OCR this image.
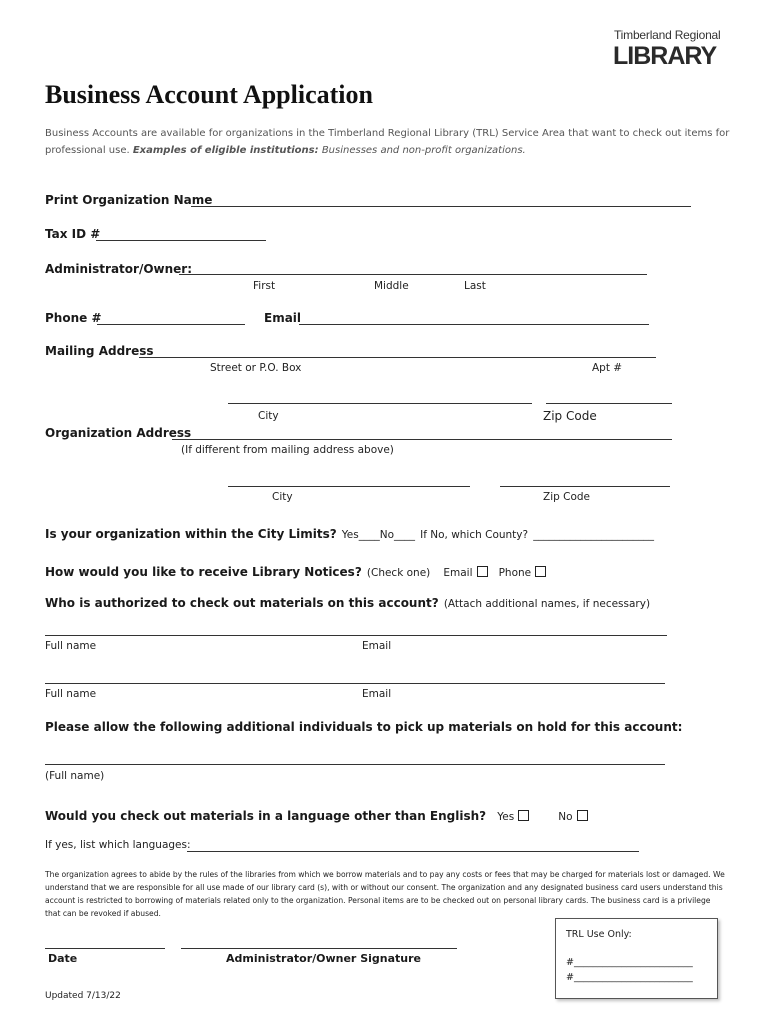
Timberland Regional
LIBRARY
Business Account Application
Business Accounts are available for organizations in the Timberland Regional Library (TRL) Service Area that want to check out items for professional use. Examples of eligible institutions: Businesses and non-profit organizations.
Print Organization Name
Tax ID #
Administrator/Owner:
First	Middle	Last
Phone #	Email
Mailing Address
Street or P.O. Box	Apt #
City	Zip Code
Organization Address
(If different from mailing address above)
City	Zip Code
Is your organization within the City Limits? Yes____No____ If No, which County? _______________________
How would you like to receive Library Notices? (Check one) Email Phone
Who is authorized to check out materials on this account? (Attach additional names, if necessary)
Full name	Email
Full name	Email
Please allow the following additional individuals to pick up materials on hold for this account:
(Full name)
Would you check out materials in a language other than English? Yes	No
If yes, list which languages:
The organization agrees to abide by the rules of the libraries from which we borrow materials and to pay any costs or fees that may be charged for materials lost or damaged. We understand that we are responsible for all use made of our library card (s), with or without our consent. The organization and any designated business card users understand this account is restricted to borrowing of materials related only to the organization. Personal items are to be checked out on personal library cards. The business card is a privilege that can be revoked if abused.
Date	Administrator/Owner Signature
TRL Use Only:
#_________________________
#_________________________
Updated 7/13/22
